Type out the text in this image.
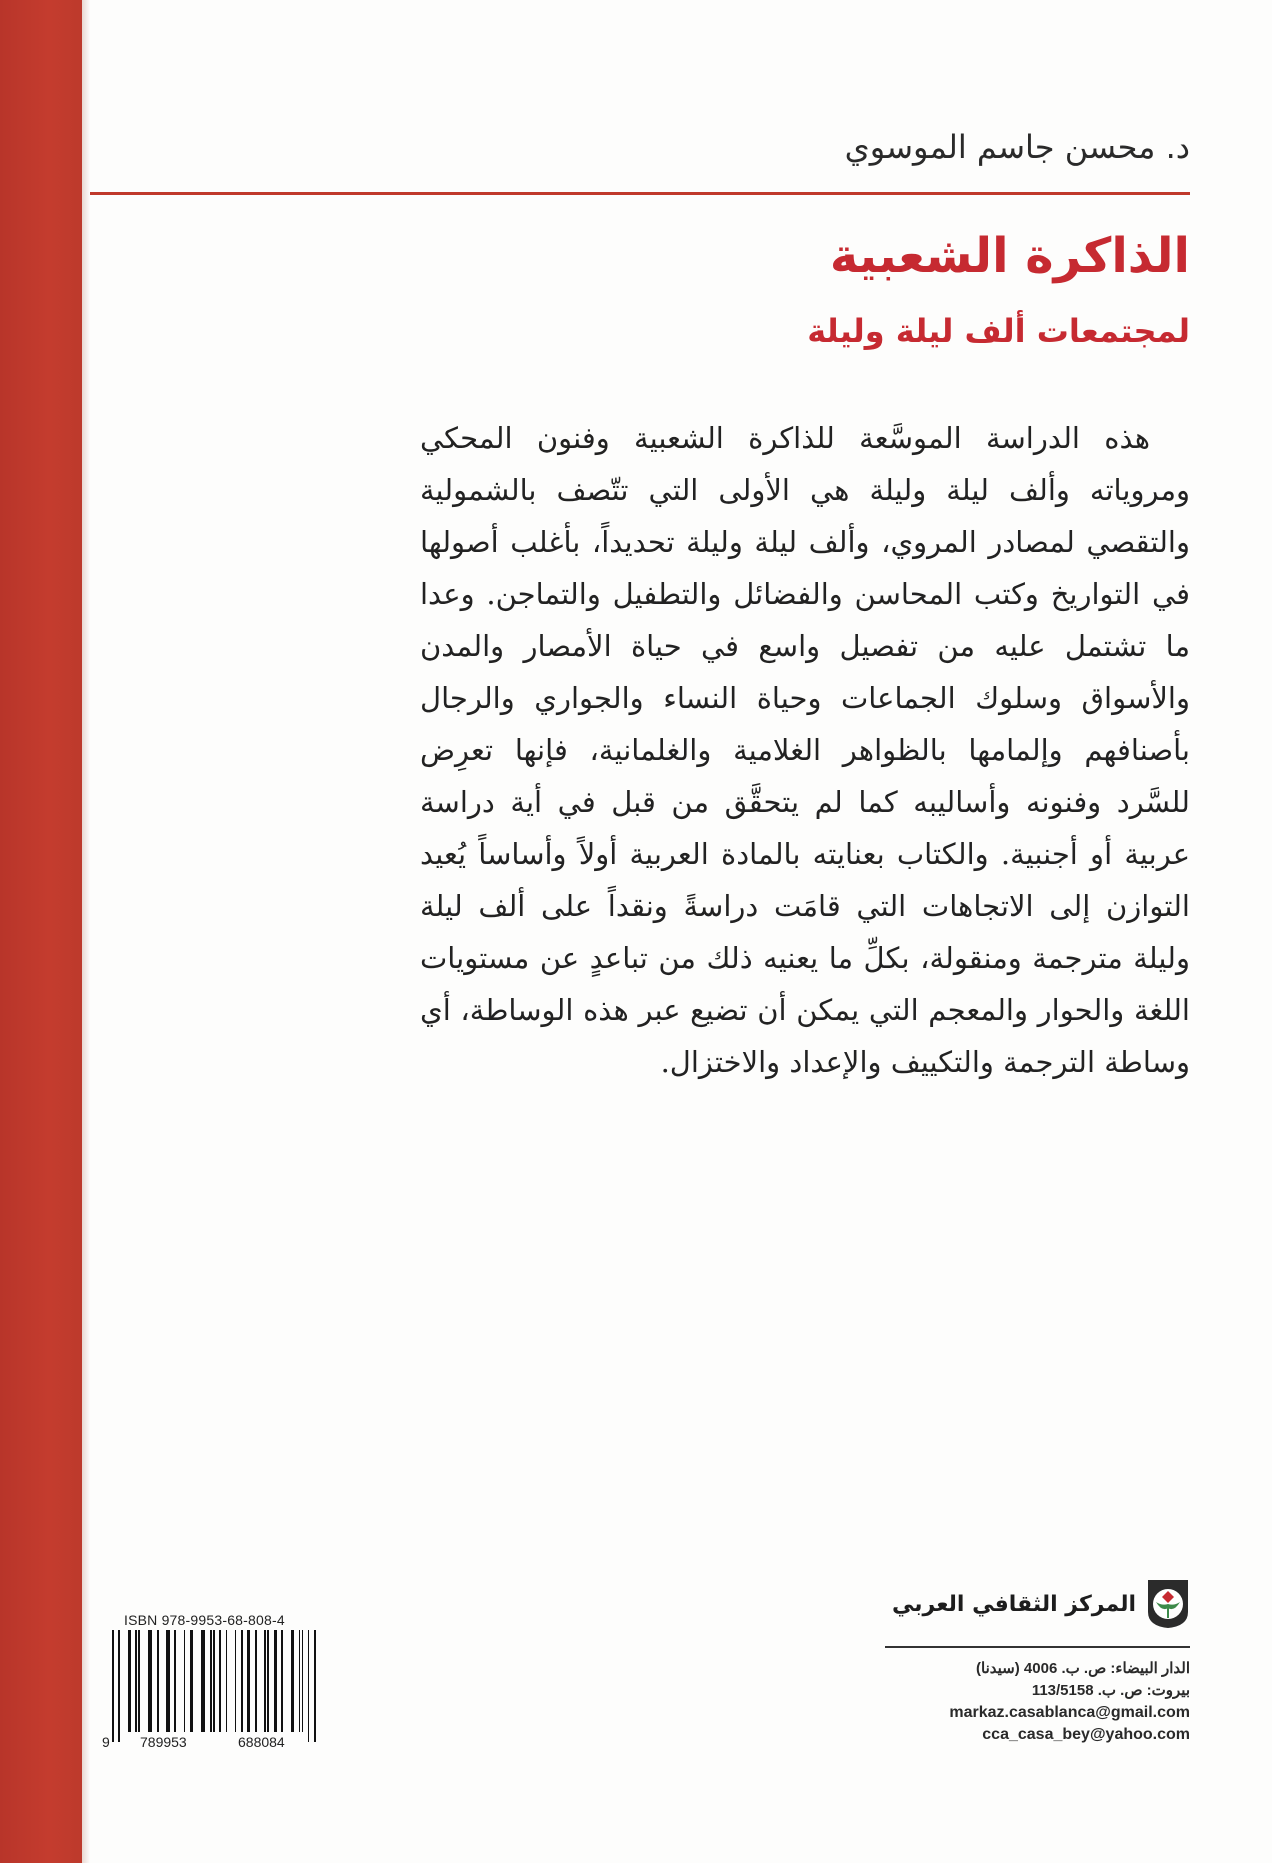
د. محسن جاسم الموسوي
الذاكرة الشعبية
لمجتمعات ألف ليلة وليلة

هذه الدراسة الموسَّعة للذاكرة الشعبية وفنون المحكي ومروياته وألف ليلة وليلة هي الأولى التي تتّصف بالشمولية والتقصي لمصادر المروي، وألف ليلة وليلة تحديداً، بأغلب أصولها في التواريخ وكتب المحاسن والفضائل والتطفيل والتماجن. وعدا ما تشتمل عليه من تفصيل واسع في حياة الأمصار والمدن والأسواق وسلوك الجماعات وحياة النساء والجواري والرجال بأصنافهم وإلمامها بالظواهر الغلامية والغلمانية، فإنها تعرِض للسَّرد وفنونه وأساليبه كما لم يتحقَّق من قبل في أية دراسة عربية أو أجنبية. والكتاب بعنايته بالمادة العربية أولاً وأساساً يُعيد التوازن إلى الاتجاهات التي قامَت دراسةً ونقداً على ألف ليلة وليلة مترجمة ومنقولة، بكلِّ ما يعنيه ذلك من تباعدٍ عن مستويات اللغة والحوار والمعجم التي يمكن أن تضيع عبر هذه الوساطة، أي وساطة الترجمة والتكييف والإعداد والاختزال.

المركز الثقافي العربي
الدار البيضاء: ص. ب. 4006 (سيدنا)
بيروت: ص. ب. 113/5158
markaz.casablanca@gmail.com
cca_casa_bey@yahoo.com
ISBN 978-9953-68-808-4
9 789953	688084
